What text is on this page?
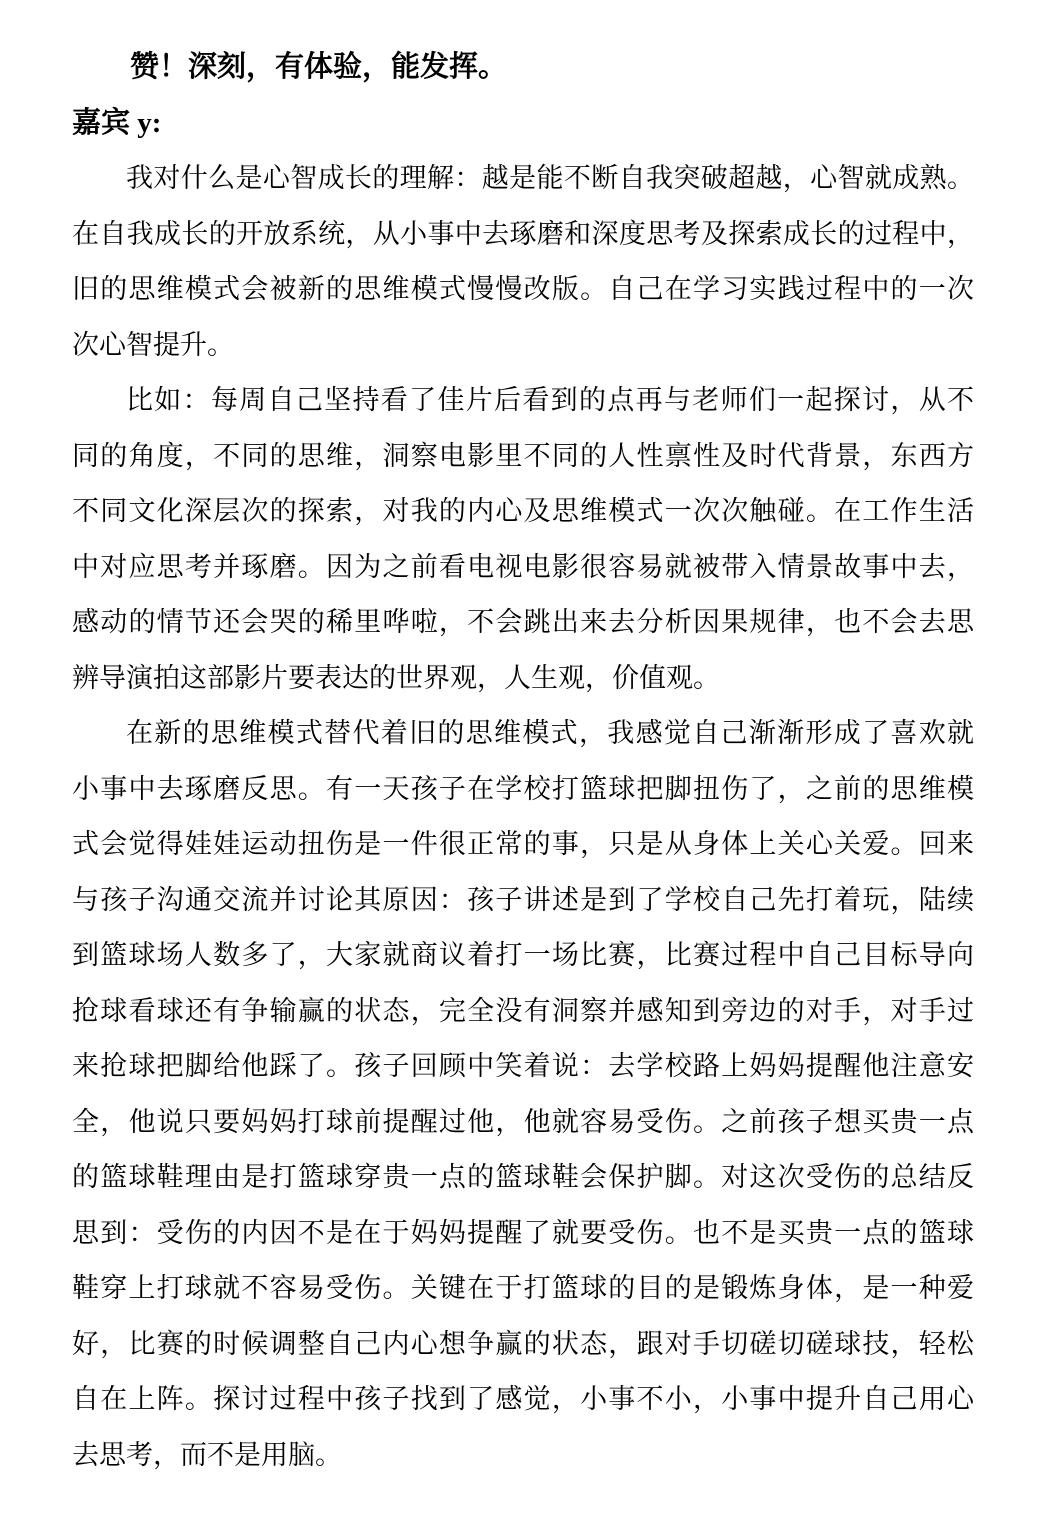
赞！深刻，有体验，能发挥。
嘉宾 y:
我对什么是心智成长的理解：越是能不断自我突破超越，心智就成熟。
在自我成长的开放系统，从小事中去琢磨和深度思考及探索成长的过程中，
旧的思维模式会被新的思维模式慢慢改版。自己在学习实践过程中的一次
次心智提升。
比如：每周自己坚持看了佳片后看到的点再与老师们一起探讨，从不
同的角度，不同的思维，洞察电影里不同的人性禀性及时代背景，东西方
不同文化深层次的探索，对我的内心及思维模式一次次触碰。在工作生活
中对应思考并琢磨。因为之前看电视电影很容易就被带入情景故事中去，
感动的情节还会哭的稀里哗啦，不会跳出来去分析因果规律，也不会去思
辨导演拍这部影片要表达的世界观，人生观，价值观。
在新的思维模式替代着旧的思维模式，我感觉自己渐渐形成了喜欢就
小事中去琢磨反思。有一天孩子在学校打篮球把脚扭伤了，之前的思维模
式会觉得娃娃运动扭伤是一件很正常的事，只是从身体上关心关爱。回来
与孩子沟通交流并讨论其原因：孩子讲述是到了学校自己先打着玩，陆续
到篮球场人数多了，大家就商议着打一场比赛，比赛过程中自己目标导向
抢球看球还有争输赢的状态，完全没有洞察并感知到旁边的对手，对手过
来抢球把脚给他踩了。孩子回顾中笑着说：去学校路上妈妈提醒他注意安
全，他说只要妈妈打球前提醒过他，他就容易受伤。之前孩子想买贵一点
的篮球鞋理由是打篮球穿贵一点的篮球鞋会保护脚。对这次受伤的总结反
思到：受伤的内因不是在于妈妈提醒了就要受伤。也不是买贵一点的篮球
鞋穿上打球就不容易受伤。关键在于打篮球的目的是锻炼身体，是一种爱
好，比赛的时候调整自己内心想争赢的状态，跟对手切磋切磋球技，轻松
自在上阵。探讨过程中孩子找到了感觉，小事不小，小事中提升自己用心
去思考，而不是用脑。
